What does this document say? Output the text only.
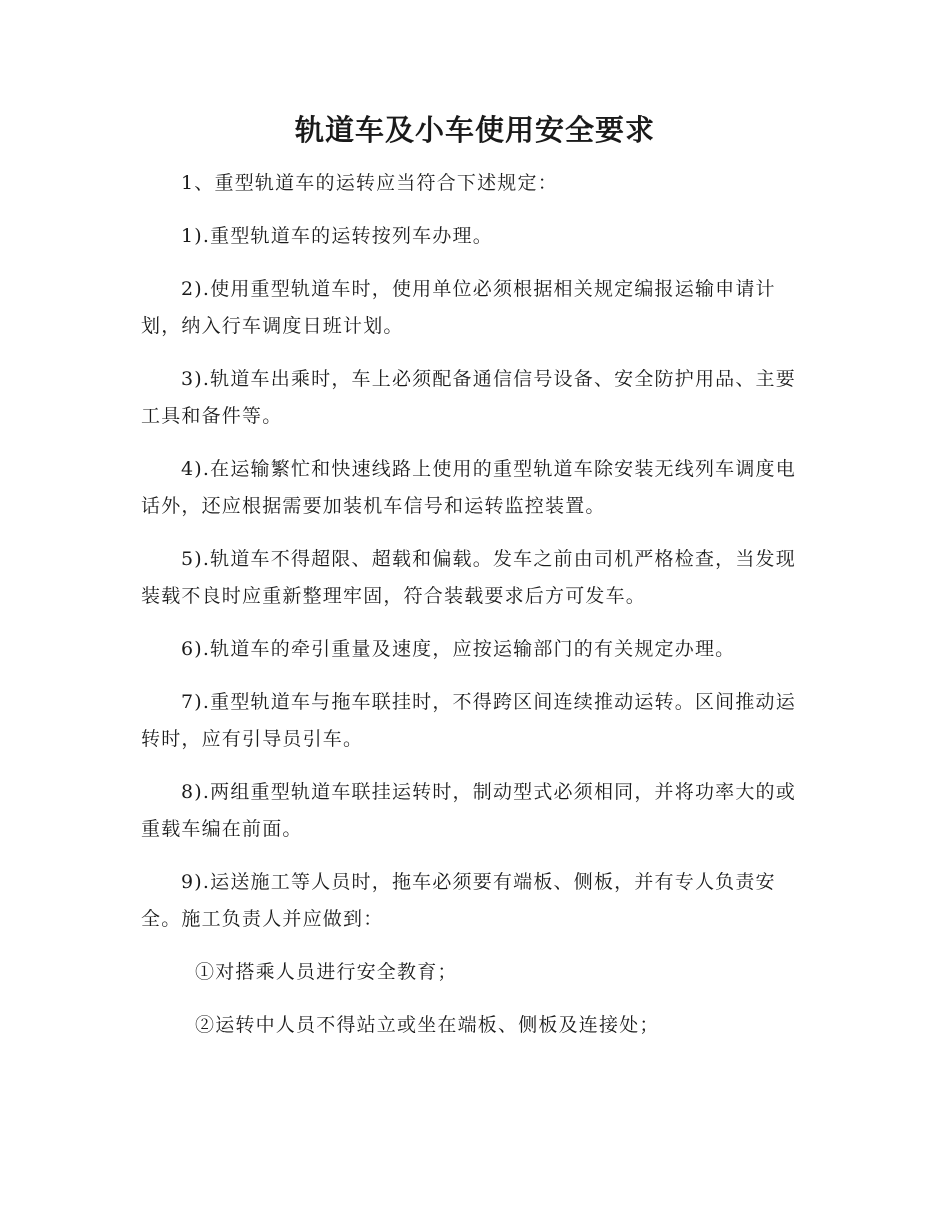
轨道车及小车使用安全要求

1、重型轨道车的运转应当符合下述规定：

1).重型轨道车的运转按列车办理。

2).使用重型轨道车时，使用单位必须根据相关规定编报运输申请计划，纳入行车调度日班计划。

3).轨道车出乘时，车上必须配备通信信号设备、安全防护用品、主要工具和备件等。

4).在运输繁忙和快速线路上使用的重型轨道车除安装无线列车调度电话外，还应根据需要加装机车信号和运转监控装置。

5).轨道车不得超限、超载和偏载。发车之前由司机严格检查，当发现装载不良时应重新整理牢固，符合装载要求后方可发车。

6).轨道车的牵引重量及速度，应按运输部门的有关规定办理。

7).重型轨道车与拖车联挂时，不得跨区间连续推动运转。区间推动运转时，应有引导员引车。

8).两组重型轨道车联挂运转时，制动型式必须相同，并将功率大的或重载车编在前面。

9).运送施工等人员时，拖车必须要有端板、侧板，并有专人负责安全。施工负责人并应做到：

①对搭乘人员进行安全教育；

②运转中人员不得站立或坐在端板、侧板及连接处；
